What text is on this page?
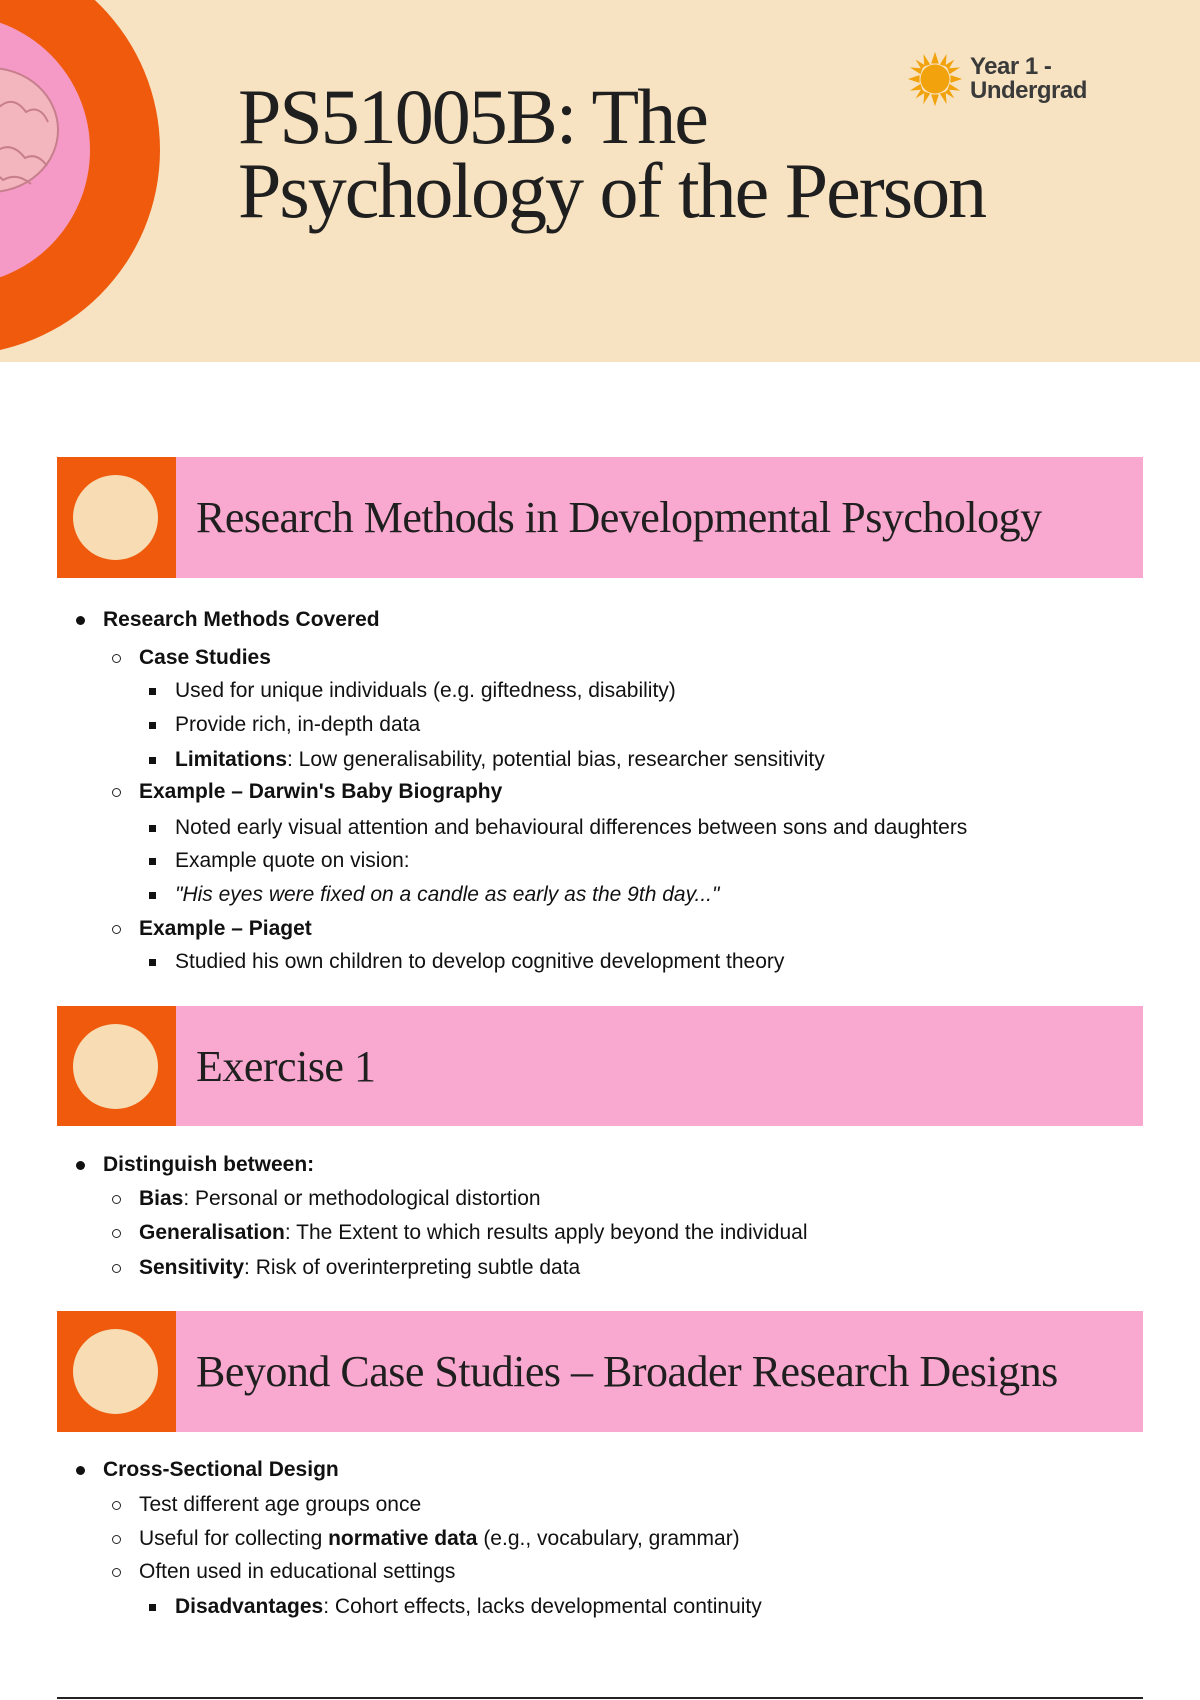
PS51005B: The
Psychology of the Person
Year 1 -
Undergrad
Research Methods in Developmental Psychology
Research Methods Covered
Case Studies
Used for unique individuals (e.g. giftedness, disability)
Provide rich, in-depth data
Limitations: Low generalisability, potential bias, researcher sensitivity
Example – Darwin's Baby Biography
Noted early visual attention and behavioural differences between sons and daughters
Example quote on vision:
"His eyes were fixed on a candle as early as the 9th day..."
Example – Piaget
Studied his own children to develop cognitive development theory
Exercise 1
Distinguish between:
Bias: Personal or methodological distortion
Generalisation: The Extent to which results apply beyond the individual
Sensitivity: Risk of overinterpreting subtle data
Beyond Case Studies – Broader Research Designs
Cross-Sectional Design
Test different age groups once
Useful for collecting normative data (e.g., vocabulary, grammar)
Often used in educational settings
Disadvantages: Cohort effects, lacks developmental continuity
